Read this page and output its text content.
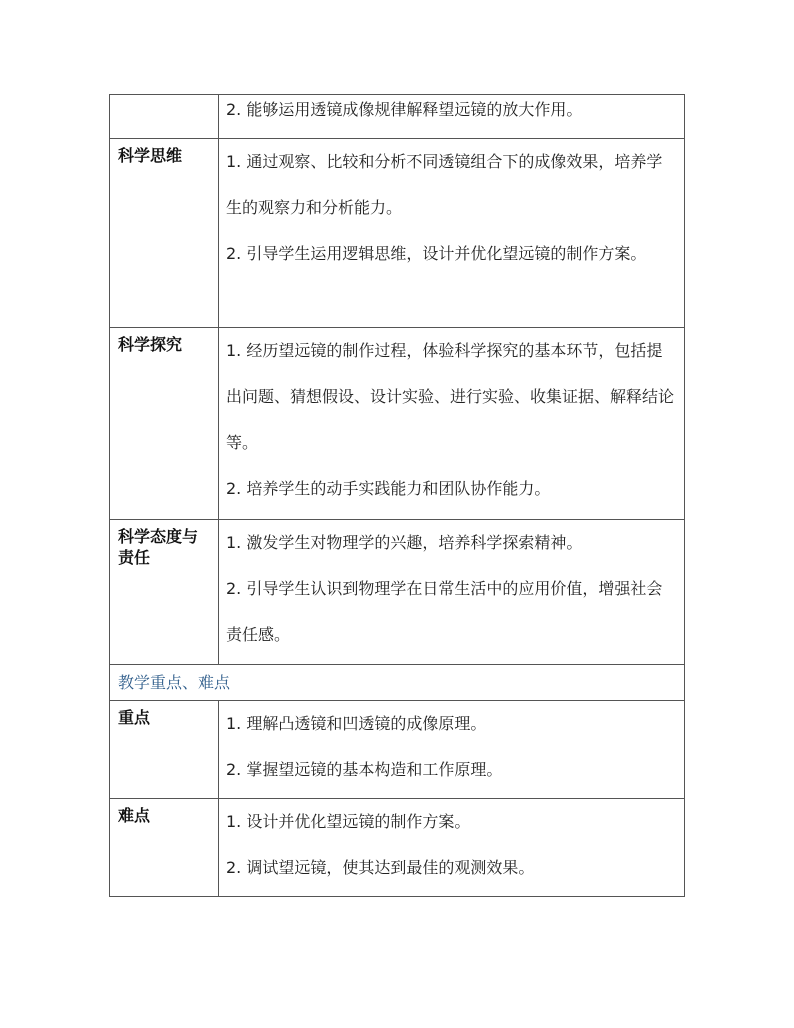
	2. 能够运用透镜成像规律解释望远镜的放大作用。

科学思维	1. 通过观察、比较和分析不同透镜组合下的成像效果，培养学生的观察力和分析能力。

2. 引导学生运用逻辑思维，设计并优化望远镜的制作方案。

科学探究	1. 经历望远镜的制作过程，体验科学探究的基本环节，包括提出问题、猜想假设、设计实验、进行实验、收集证据、解释结论等。

2. 培养学生的动手实践能力和团队协作能力。

科学态度与责任	1. 激发学生对物理学的兴趣，培养科学探索精神。

2. 引导学生认识到物理学在日常生活中的应用价值，增强社会责任感。

教学重点、难点	
重点	1. 理解凸透镜和凹透镜的成像原理。

2. 掌握望远镜的基本构造和工作原理。

难点	1. 设计并优化望远镜的制作方案。

2. 调试望远镜，使其达到最佳的观测效果。
